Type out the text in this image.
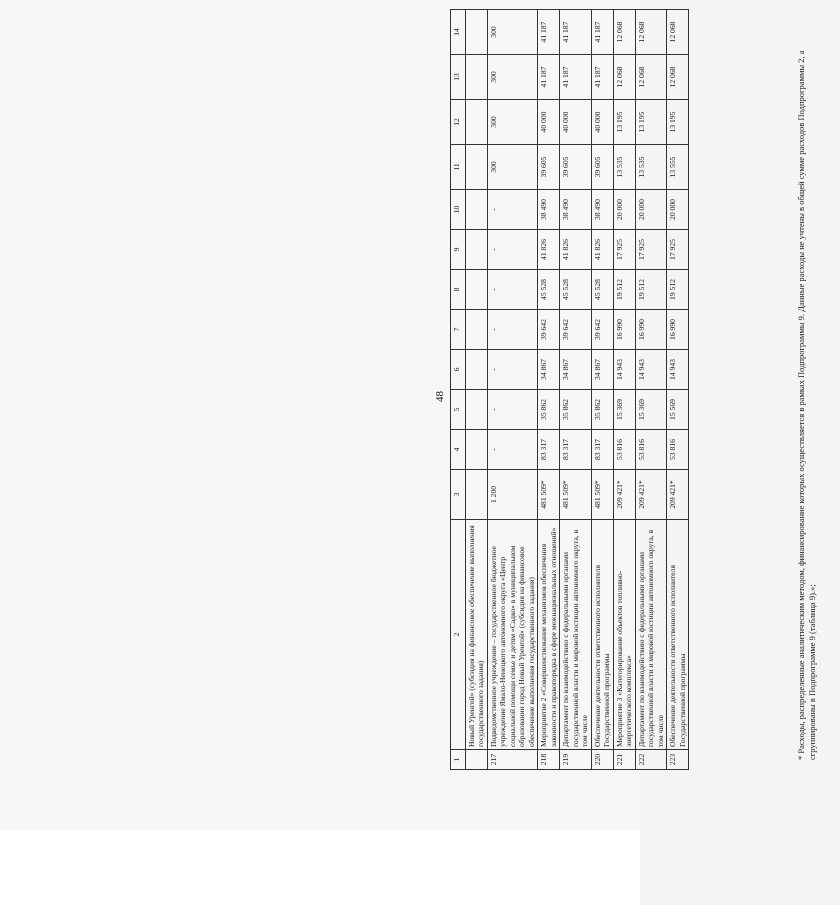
48
1	2	3	4	5	6	7	8	9	10	11	12	13	14
	Новый Уренгой» (субсидия на финансовое обеспечение выполнения государственного задания)												
217	Подведомственное учреждение – государственное бюджетное учреждение Ямало-Ненецкого автономного округа «Центр социальной помощи семье и детям «Садко» в муниципальном образовании город Новый Уренгой» (субсидия на финансовое обеспечение выполнения государственного задания)	1 200	-	-	-	-	-	-	-	300	300	300	300
218	Мероприятие 2 «Совершенствование механизмов обеспечения законности и правопорядка в сфере межнациональных отношений»	481 509*	83 317	35 862	34 867	39 642	45 528	41 826	38 490	39 605	40 000	41 187	41 187
219	Департамент по взаимодействию с федеральными органами государственной власти и мировой юстиции автономного округа, в том числе	481 509*	83 317	35 862	34 867	39 642	45 528	41 826	38 490	39 605	40 000	41 187	41 187
220	Обеспечение деятельности ответственного исполнителя Государственной программы	481 509*	83 317	35 862	34 867	39 642	45 528	41 826	38 490	39 605	40 000	41 187	41 187
221	Мероприятие 3 «Категорирование объектов топливно-энергетического комплекса»	209 421*	53 816	15 369	14 943	16 990	19 512	17 925	20 000	13 535	13 195	12 068	12 068
222	Департамент по взаимодействию с федеральными органами государственной власти и мировой юстиции автономного округа, в том числе	209 421*	53 816	15 369	14 943	16 990	19 512	17 925	20 000	13 535	13 195	12 068	12 068
223	Обеспечение деятельности ответственного исполнителя Государственной программы	209 421*	53 816	15 569	14 943	16 990	19 512	17 925	20 000	13 555	13 195	12 068	12 068
* Расходы, распределенные аналитическим методом, финансирование которых осуществляется в рамках Подпрограммы 9. Данные расходы не учтены в общей сумме расходов Подпрограммы 2, а сгруппированы в Подпрограмме 9 (таблица 9).»;
